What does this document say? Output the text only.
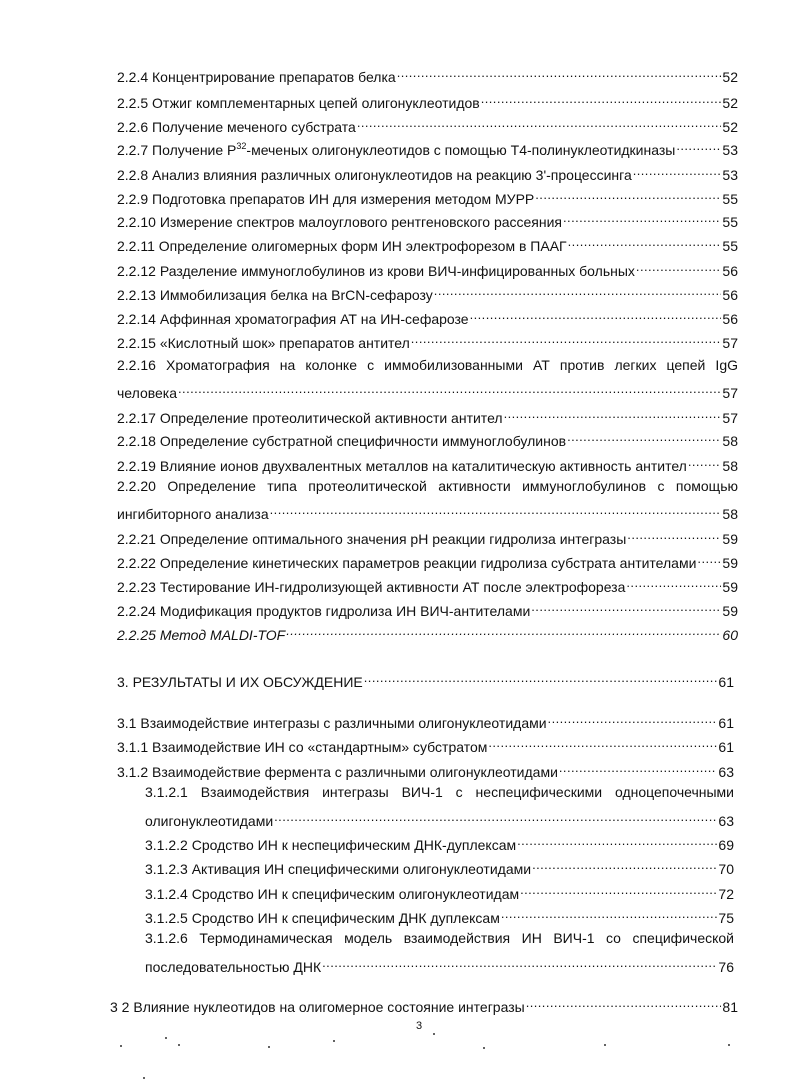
2.2.4 Концентрирование препаратов белка . . .	52
2.2.5 Отжиг комплементарных цепей олигонуклеотидов . . .	52
2.2.6 Получение меченого субстрата . . .	52
2.2.7 Получение $P^{32}$-меченых олигонуклеотидов с помощью Т4-полинуклеотидкиназы . . .	53
2.2.8 Анализ влияния различных олигонуклеотидов на реакцию 3'-процессинга . . .	53
2.2.9 Подготовка препаратов ИН для измерения методом МУРР . . .	55
2.2.10 Измерение спектров малоуглового рентгеновского рассеяния . . .	55
2.2.11 Определение олигомерных форм ИН электрофорезом в ПААГ . . .	55
2.2.12 Разделение иммуноглобулинов из крови ВИЧ-инфицированных больных . . .	56
2.2.13 Иммобилизация белка на BrCN-сефарозу . . .	56
2.2.14 Аффинная хроматография АТ на ИН-сефарозе . . .	56
2.2.15 «Кислотный шок» препаратов антител . . .	57
2.2.16 Хроматография на колонке с иммобилизованными АТ против легких цепей IgG
человека . . .	57
2.2.17 Определение протеолитической активности антител . . .	57
2.2.18 Определение субстратной специфичности иммуноглобулинов . . .	58
2.2.19 Влияние ионов двухвалентных металлов на каталитическую активность антител . . .	58
2.2.20 Определение типа протеолитической активности иммуноглобулинов с помощью
ингибиторного анализа . . .	58
2.2.21 Определение оптимального значения pH реакции гидролиза интегразы . . .	59
2.2.22 Определение кинетических параметров реакции гидролиза субстрата антителами . . . 59
2.2.23 Тестирование ИН-гидролизующей активности АТ после электрофореза . . .	59
2.2.24 Модификация продуктов гидролиза ИН ВИЧ-антителами . . .	59
2.2.25 Метод MALDI-TOF . . .	60
3. РЕЗУЛЬТАТЫ И ИХ ОБСУЖДЕНИЕ . . .	61
3.1 Взаимодействие интегразы с различными олигонуклеотидами . . .	61
3.1.1 Взаимодействие ИН со «стандартным» субстратом . . .	61
3.1.2 Взаимодействие фермента с различными олигонуклеотидами . . .	63
3.1.2.1 Взаимодействия интегразы ВИЧ-1 с неспецифическими одноцепочечными
олигонуклеотидами . . .	63
3.1.2.2 Сродство ИН к неспецифическим ДНК-дуплексам . . .	69
3.1.2.3 Активация ИН специфическими олигонуклеотидами . . .	70
3.1.2.4 Сродство ИН к специфическим олигонуклеотидам . . .	72
3.1.2.5 Сродство ИН к специфическим ДНК дуплексам . . .	75
3.1.2.6 Термодинамическая модель взаимодействия ИН ВИЧ-1 со специфической
последовательностью ДНК . . .	76
3 2 Влияние нуклеотидов на олигомерное состояние интегразы . . .	81
3
